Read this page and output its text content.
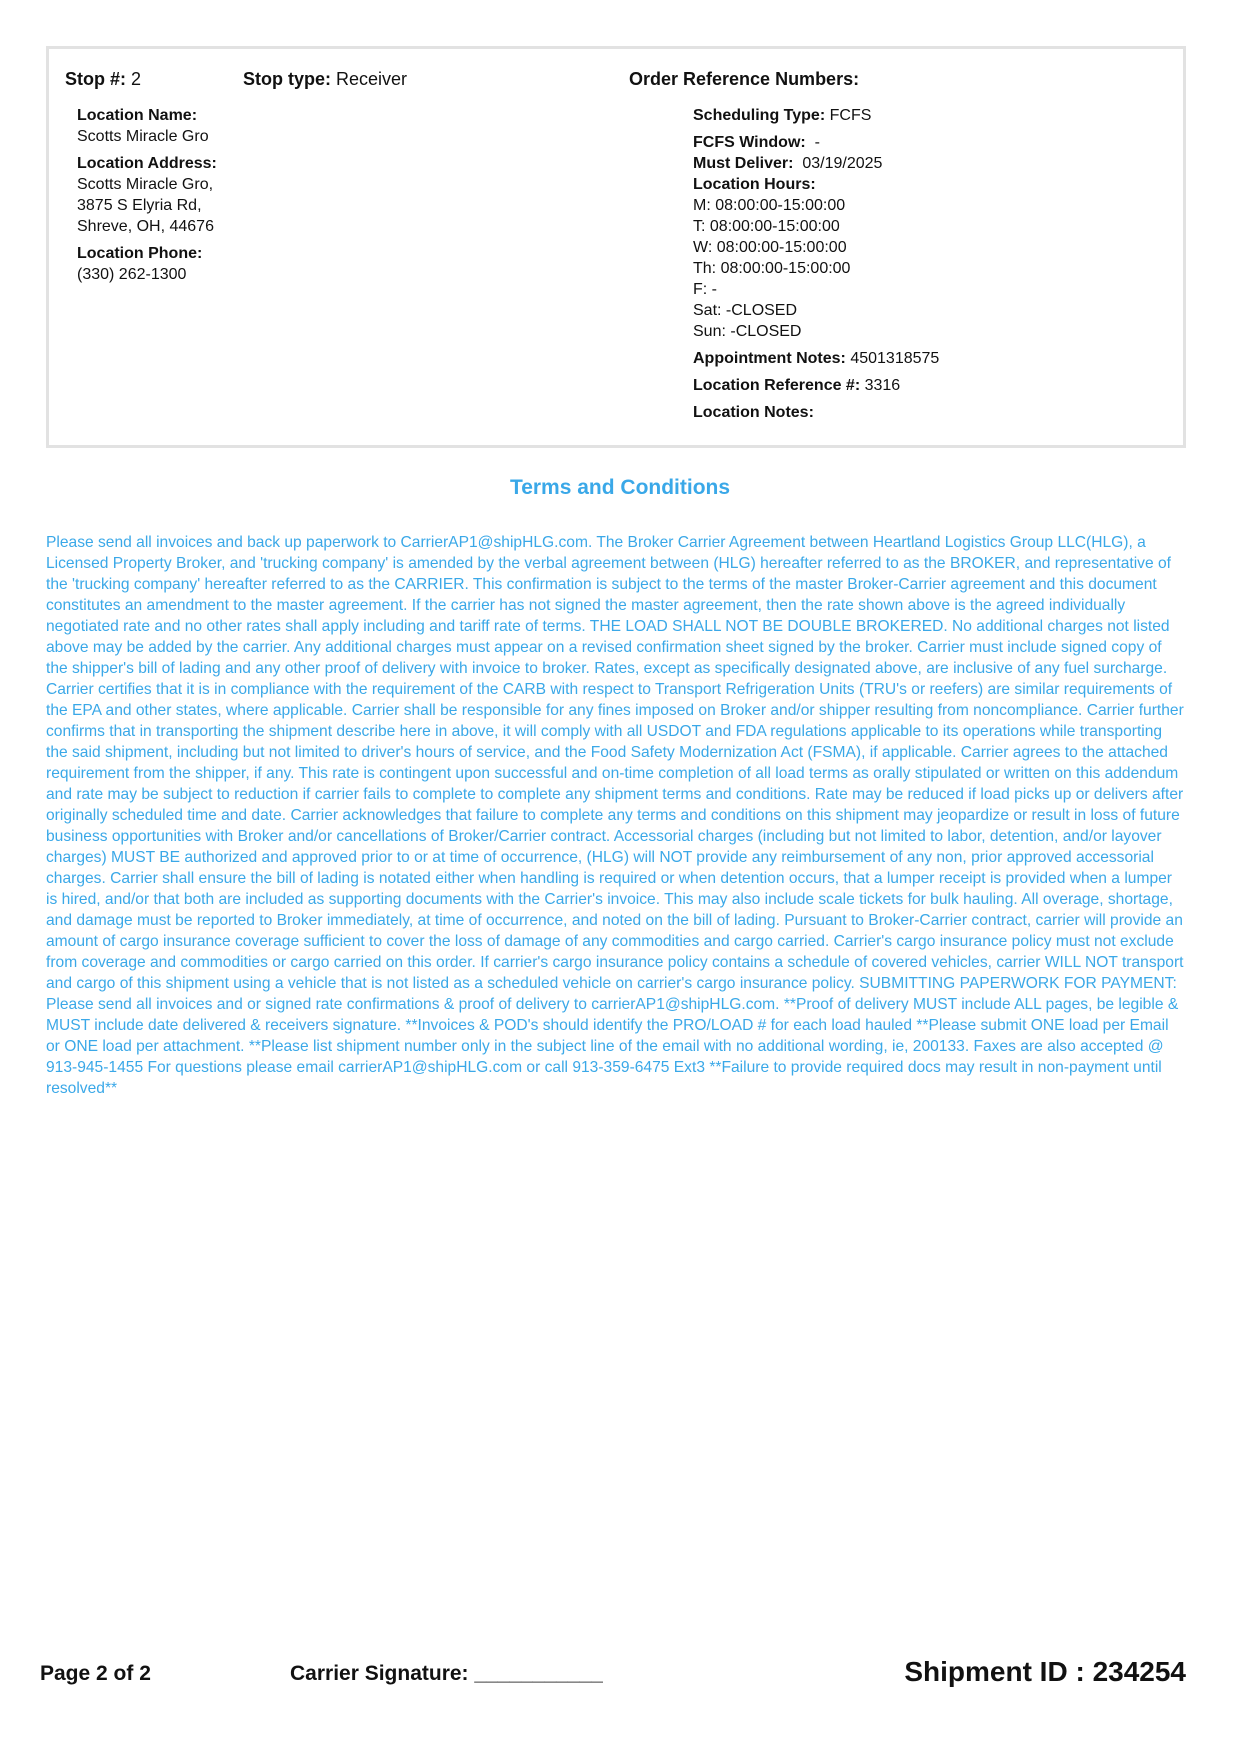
Stop #: 2	Stop type: Receiver	Order Reference Numbers:
Location Name:
Scotts Miracle Gro
Location Address:
Scotts Miracle Gro,
3875 S Elyria Rd,
Shreve, OH, 44676
Location Phone:
(330) 262-1300
Scheduling Type: FCFS
FCFS Window: -
Must Deliver: 03/19/2025
Location Hours:
M: 08:00:00-15:00:00
T: 08:00:00-15:00:00
W: 08:00:00-15:00:00
Th: 08:00:00-15:00:00
F: -
Sat: -CLOSED
Sun: -CLOSED
Appointment Notes: 4501318575
Location Reference #: 3316
Location Notes:
Terms and Conditions
Please send all invoices and back up paperwork to CarrierAP1@shipHLG.com. The Broker Carrier Agreement between Heartland Logistics Group LLC(HLG), a Licensed Property Broker, and 'trucking company' is amended by the verbal agreement between (HLG) hereafter referred to as the BROKER, and representative of the 'trucking company' hereafter referred to as the CARRIER. This confirmation is subject to the terms of the master Broker-Carrier agreement and this document constitutes an amendment to the master agreement. If the carrier has not signed the master agreement, then the rate shown above is the agreed individually negotiated rate and no other rates shall apply including and tariff rate of terms. THE LOAD SHALL NOT BE DOUBLE BROKERED. No additional charges not listed above may be added by the carrier. Any additional charges must appear on a revised confirmation sheet signed by the broker. Carrier must include signed copy of the shipper's bill of lading and any other proof of delivery with invoice to broker. Rates, except as specifically designated above, are inclusive of any fuel surcharge. Carrier certifies that it is in compliance with the requirement of the CARB with respect to Transport Refrigeration Units (TRU's or reefers) are similar requirements of the EPA and other states, where applicable. Carrier shall be responsible for any fines imposed on Broker and/or shipper resulting from noncompliance. Carrier further confirms that in transporting the shipment describe here in above, it will comply with all USDOT and FDA regulations applicable to its operations while transporting the said shipment, including but not limited to driver's hours of service, and the Food Safety Modernization Act (FSMA), if applicable. Carrier agrees to the attached requirement from the shipper, if any. This rate is contingent upon successful and on-time completion of all load terms as orally stipulated or written on this addendum and rate may be subject to reduction if carrier fails to complete to complete any shipment terms and conditions. Rate may be reduced if load picks up or delivers after originally scheduled time and date. Carrier acknowledges that failure to complete any terms and conditions on this shipment may jeopardize or result in loss of future business opportunities with Broker and/or cancellations of Broker/Carrier contract. Accessorial charges (including but not limited to labor, detention, and/or layover charges) MUST BE authorized and approved prior to or at time of occurrence, (HLG) will NOT provide any reimbursement of any non, prior approved accessorial charges. Carrier shall ensure the bill of lading is notated either when handling is required or when detention occurs, that a lumper receipt is provided when a lumper is hired, and/or that both are included as supporting documents with the Carrier's invoice. This may also include scale tickets for bulk hauling. All overage, shortage, and damage must be reported to Broker immediately, at time of occurrence, and noted on the bill of lading. Pursuant to Broker-Carrier contract, carrier will provide an amount of cargo insurance coverage sufficient to cover the loss of damage of any commodities and cargo carried. Carrier's cargo insurance policy must not exclude from coverage and commodities or cargo carried on this order. If carrier's cargo insurance policy contains a schedule of covered vehicles, carrier WILL NOT transport and cargo of this shipment using a vehicle that is not listed as a scheduled vehicle on carrier's cargo insurance policy. SUBMITTING PAPERWORK FOR PAYMENT: Please send all invoices and or signed rate confirmations & proof of delivery to carrierAP1@shipHLG.com. **Proof of delivery MUST include ALL pages, be legible & MUST include date delivered & receivers signature. **Invoices & POD's should identify the PRO/LOAD # for each load hauled **Please submit ONE load per Email or ONE load per attachment. **Please list shipment number only in the subject line of the email with no additional wording, ie, 200133. Faxes are also accepted @ 913-945-1455 For questions please email carrierAP1@shipHLG.com or call 913-359-6475 Ext3 **Failure to provide required docs may result in non-payment until resolved**
Page 2 of 2	Carrier Signature: ___________	Shipment ID : 234254
